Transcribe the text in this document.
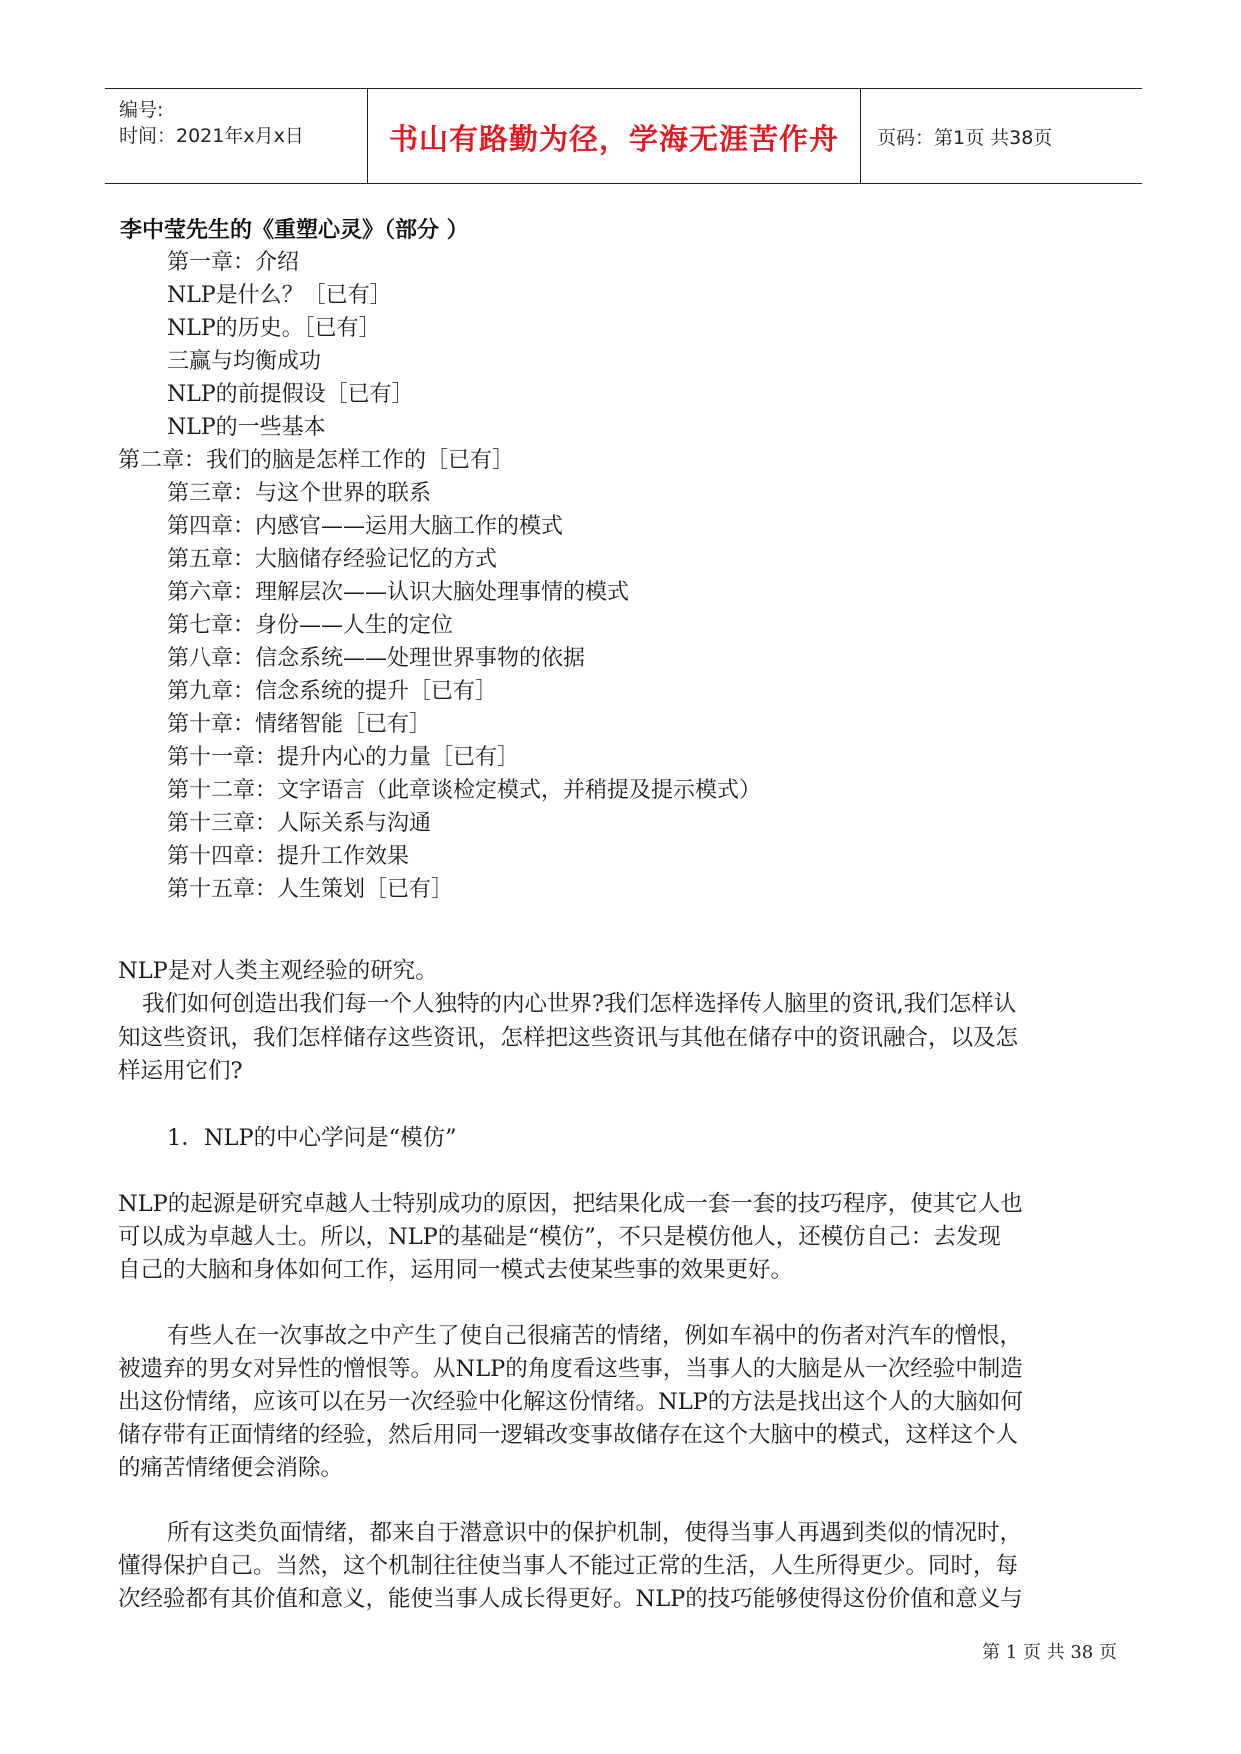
编号:
时间：2021年x月x日	书山有路勤为径，学海无涯苦作舟	页码：第1页 共38页
李中莹先生的《重塑心灵》（部分 ）
第一章：介绍
NLP是什么？［已有］
NLP的历史。［已有］
三赢与均衡成功
NLP的前提假设［已有］
NLP的一些基本
第二章：我们的脑是怎样工作的［已有］
第三章：与这个世界的联系
第四章：内感官——运用大脑工作的模式
第五章：大脑储存经验记忆的方式
第六章：理解层次——认识大脑处理事情的模式
第七章：身份——人生的定位
第八章：信念系统——处理世界事物的依据
第九章：信念系统的提升［已有］
第十章：情绪智能［已有］
第十一章：提升内心的力量［已有］
第十二章：文字语言（此章谈检定模式，并稍提及提示模式）
第十三章：人际关系与沟通
第十四章：提升工作效果
第十五章：人生策划［已有］
NLP是对人类主观经验的研究。
我们如何创造出我们每一个人独特的内心世界?我们怎样选择传人脑里的资讯,我们怎样认
知这些资讯，我们怎样储存这些资讯，怎样把这些资讯与其他在储存中的资讯融合，以及怎
样运用它们?
1．NLP的中心学问是“模仿”
NLP的起源是研究卓越人士特别成功的原因，把结果化成一套一套的技巧程序，使其它人也
可以成为卓越人士。所以，NLP的基础是“模仿”，不只是模仿他人，还模仿自己：去发现
自己的大脑和身体如何工作，运用同一模式去使某些事的效果更好。
有些人在一次事故之中产生了使自己很痛苦的情绪，例如车祸中的伤者对汽车的憎恨，
被遗弃的男女对异性的憎恨等。从NLP的角度看这些事，当事人的大脑是从一次经验中制造
出这份情绪，应该可以在另一次经验中化解这份情绪。NLP的方法是找出这个人的大脑如何
储存带有正面情绪的经验，然后用同一逻辑改变事故储存在这个大脑中的模式，这样这个人
的痛苦情绪便会消除。
所有这类负面情绪，都来自于潜意识中的保护机制，使得当事人再遇到类似的情况时，
懂得保护自己。当然，这个机制往往使当事人不能过正常的生活，人生所得更少。同时，每
次经验都有其价值和意义，能使当事人成长得更好。NLP的技巧能够使得这份价值和意义与
第 1 页 共 38 页
